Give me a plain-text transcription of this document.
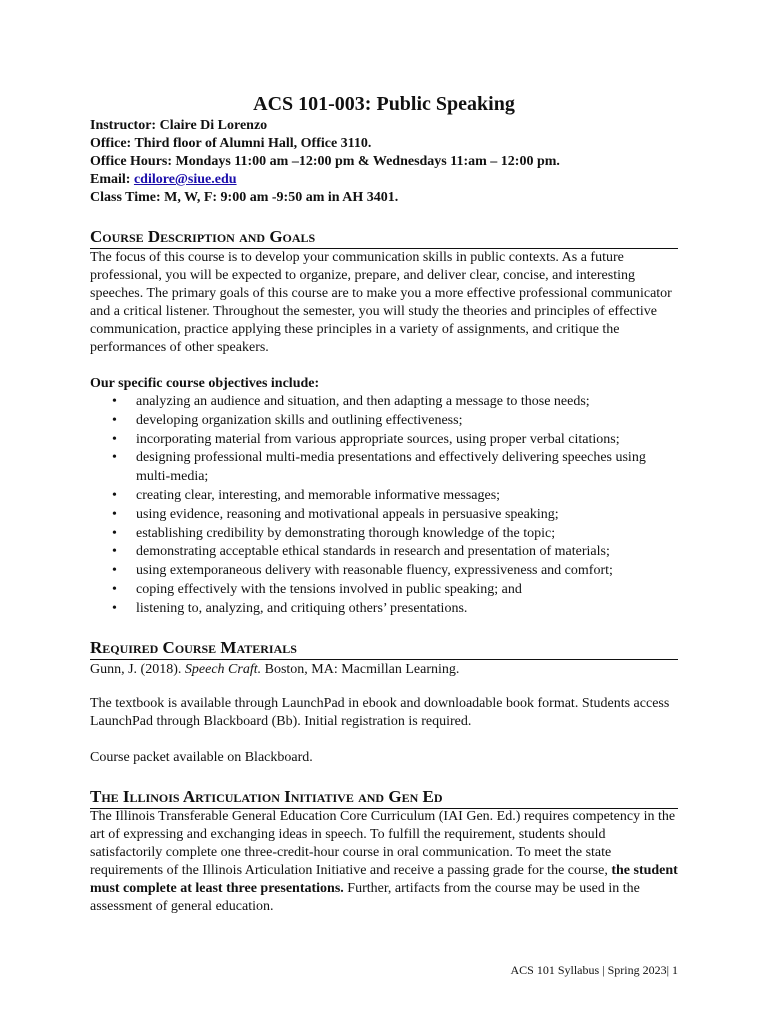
ACS 101-003: Public Speaking
Instructor: Claire Di Lorenzo
Office: Third floor of Alumni Hall, Office 3110.
Office Hours: Mondays 11:00 am –12:00 pm & Wednesdays 11:am – 12:00 pm.
Email: cdilore@siue.edu
Class Time: M, W, F: 9:00 am -9:50 am in AH 3401.
Course Description and Goals

The focus of this course is to develop your communication skills in public contexts. As a future professional, you will be expected to organize, prepare, and deliver clear, concise, and interesting speeches. The primary goals of this course are to make you a more effective professional communicator and a critical listener. Throughout the semester, you will study the theories and principles of effective communication, practice applying these principles in a variety of assignments, and critique the performances of other speakers.

Our specific course objectives include:
• analyzing an audience and situation, and then adapting a message to those needs;
• developing organization skills and outlining effectiveness;
• incorporating material from various appropriate sources, using proper verbal citations;
• designing professional multi-media presentations and effectively delivering speeches using multi-media;
• creating clear, interesting, and memorable informative messages;
• using evidence, reasoning and motivational appeals in persuasive speaking;
• establishing credibility by demonstrating thorough knowledge of the topic;
• demonstrating acceptable ethical standards in research and presentation of materials;
• using extemporaneous delivery with reasonable fluency, expressiveness and comfort;
• coping effectively with the tensions involved in public speaking; and
• listening to, analyzing, and critiquing others’ presentations.
Required Course Materials

Gunn, J. (2018). Speech Craft. Boston, MA: Macmillan Learning.

The textbook is available through LaunchPad in ebook and downloadable book format. Students access LaunchPad through Blackboard (Bb). Initial registration is required.

Course packet available on Blackboard.

The Illinois Articulation Initiative and Gen Ed

The Illinois Transferable General Education Core Curriculum (IAI Gen. Ed.) requires competency in the art of expressing and exchanging ideas in speech. To fulfill the requirement, students should satisfactorily complete one three-credit-hour course in oral communication. To meet the state requirements of the Illinois Articulation Initiative and receive a passing grade for the course, the student must complete at least three presentations. Further, artifacts from the course may be used in the assessment of general education.

ACS 101 Syllabus | Spring 2023| 1
